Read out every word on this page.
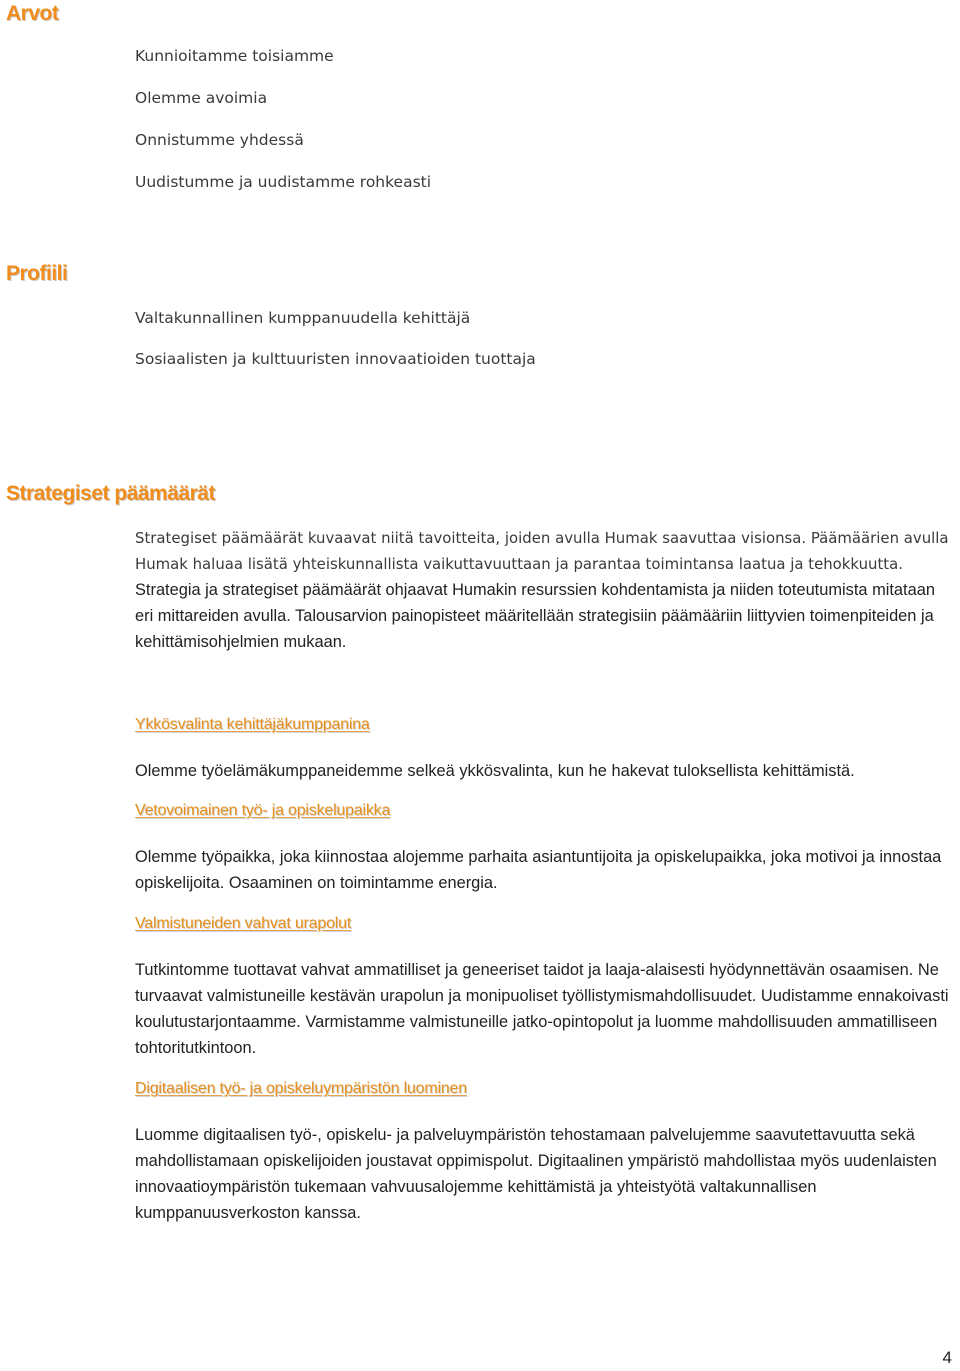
Arvot
Kunnioitamme toisiamme
Olemme avoimia
Onnistumme yhdessä
Uudistumme ja uudistamme rohkeasti
Profiili
Valtakunnallinen kumppanuudella kehittäjä
Sosiaalisten ja kulttuuristen innovaatioiden tuottaja
Strategiset päämäärät
Strategiset päämäärät kuvaavat niitä tavoitteita, joiden avulla Humak saavuttaa visionsa. Päämäärien avulla Humak haluaa lisätä yhteiskunnallista vaikuttavuuttaan ja parantaa toimintansa laatua ja tehokkuutta. Strategia ja strategiset päämäärät ohjaavat Humakin resurssien kohdentamista ja niiden toteutumista mitataan eri mittareiden avulla. Talousarvion painopisteet määritellään strategisiin päämääriin liittyvien toimenpiteiden ja kehittämisohjelmien mukaan.
Ykkösvalinta kehittäjäkumppanina
Olemme työelämäkumppaneidemme selkeä ykkösvalinta, kun he hakevat tuloksellista kehittämistä.
Vetovoimainen työ- ja opiskelupaikka
Olemme työpaikka, joka kiinnostaa alojemme parhaita asiantuntijoita ja opiskelupaikka, joka motivoi ja innostaa opiskelijoita. Osaaminen on toimintamme energia.
Valmistuneiden vahvat urapolut
Tutkintomme tuottavat vahvat ammatilliset ja geneeriset taidot ja laaja-alaisesti hyödynnettävän osaamisen. Ne turvaavat valmistuneille kestävän urapolun ja monipuoliset työllistymismahdollisuudet. Uudistamme ennakoivasti koulutustarjontaamme. Varmistamme valmistuneille jatko-opintopolut ja luomme mahdollisuuden ammatilliseen tohtoritutkintoon.
Digitaalisen työ- ja opiskeluympäristön luominen
Luomme digitaalisen työ-, opiskelu- ja palveluympäristön tehostamaan palvelujemme saavutettavuutta sekä mahdollistamaan opiskelijoiden joustavat oppimispolut. Digitaalinen ympäristö mahdollistaa myös uudenlaisten innovaatioympäristön tukemaan vahvuusalojemme kehittämistä ja yhteistyötä valtakunnallisen kumppanuusverkoston kanssa.
4
